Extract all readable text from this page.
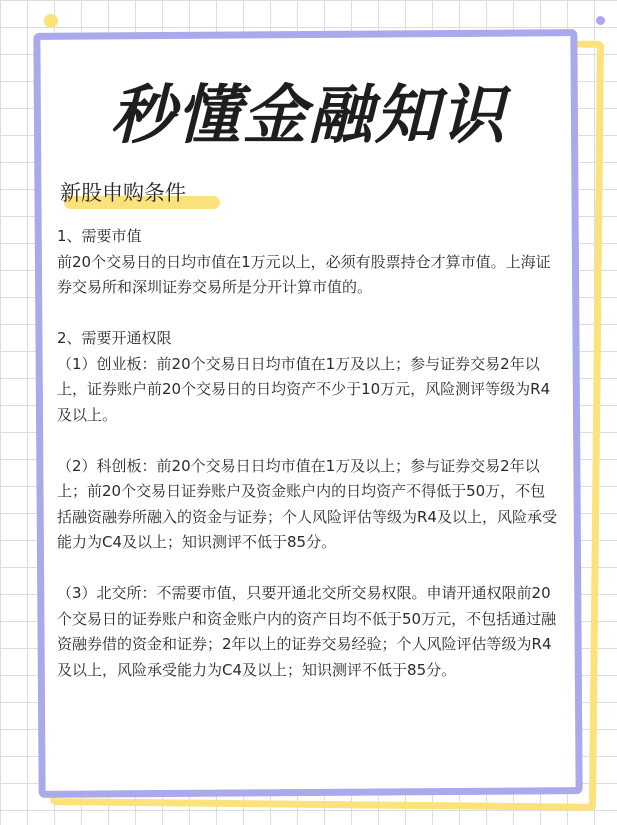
秒懂金融知识
新股申购条件

1、需要市值

前20个交易日的日均市值在1万元以上，必须有股票持仓才算市值。上海证券交易所和深圳证券交易所是分开计算市值的。

2、需要开通权限

（1）创业板：前20个交易日日均市值在1万及以上；参与证券交易2年以上，证券账户前20个交易日的日均资产不少于10万元，风险测评等级为R4及以上。

（2）科创板：前20个交易日日均市值在1万及以上；参与证券交易2年以上；前20个交易日证券账户及资金账户内的日均资产不得低于50万，不包括融资融券所融入的资金与证券；个人风险评估等级为R4及以上，风险承受能力为C4及以上；知识测评不低于85分。

（3）北交所：不需要市值，只要开通北交所交易权限。申请开通权限前20个交易日的证券账户和资金账户内的资产日均不低于50万元，不包括通过融资融券借的资金和证券；2年以上的证券交易经验；个人风险评估等级为R4及以上，风险承受能力为C4及以上；知识测评不低于85分。
